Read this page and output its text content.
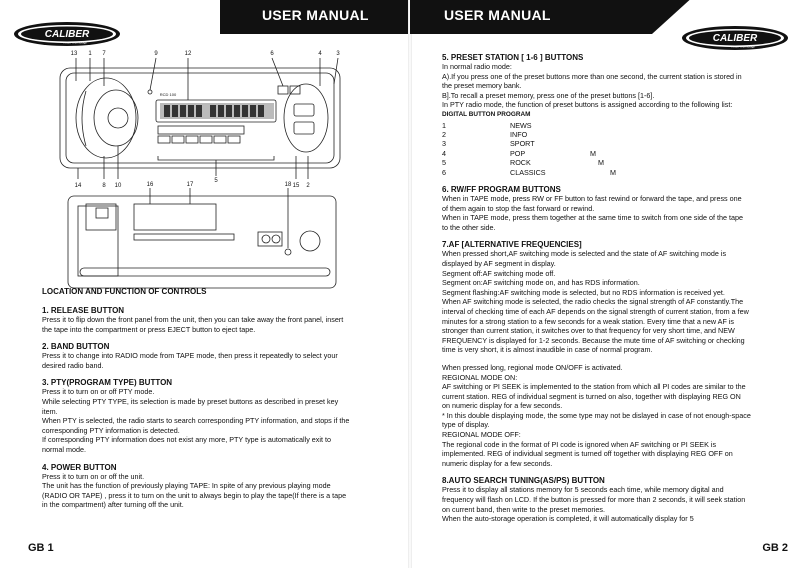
USER MANUAL
CALIBER
Audio Technology
13 1 7	9	12	6	4 3
14	8 10
5
15 2
16	17	18
RCD 100
LOCATION AND FUNCTION OF CONTROLS
1. RELEASE BUTTON
Press it to flip down the front panel from the unit, then you can take away the front panel, insert
the tape into the compartment or press EJECT button to eject tape.
2. BAND BUTTON
Press it to change into RADIO mode from TAPE mode, then press it repeatedly to select your
desired radio band.
3. PTY(PROGRAM TYPE) BUTTON
Press it to turn on or off PTY mode.
While selecting PTY TYPE, its selection is made by preset buttons as described in preset key
item.
When PTY is selected, the radio starts to search corresponding PTY information, and stops if the
corresponding PTY information is detected.
If corresponding PTY information does not exist any more, PTY type is automatically exit to
normal mode.
4. POWER BUTTON
Press it to turn on or off the unit.
The unit has the function of previously playing TAPE: In spite of any previous playing mode
(RADIO OR TAPE) , press it to turn on the unit to always begin to play the tape(If there is a tape
in the compartment) after turning off the unit.
GB 1
USER MANUAL
CALIBER
Audio Technology
5. PRESET STATION [ 1-6 ] BUTTONS
In normal radio mode:
A).If you press one of the preset buttons more than one second, the current station is stored in
the preset memory bank.
B].To recall a preset memory, press one of the preset buttons [1-6].
In PTY radio mode, the function of preset buttons is assigned according to the following list:
DIGITAL BUTTON PROGRAM
1	NEWS
2	INFO
3	SPORT
4	POP	M
5	ROCK	M
6	CLASSICS	M
6. RW/FF PROGRAM BUTTONS
When in TAPE mode, press RW or FF button to fast rewind or forward the tape, and press one
of them again to stop the fast forward or rewind.
When in TAPE mode, press them together at the same time to switch from one side of the tape
to the other side.
7.AF [ALTERNATIVE FREQUENCIES]
When pressed short,AF switching mode is selected and the state of AF switching mode is
displayed by AF segment in display.
Segment off:AF switching mode off.
Segment on:AF switching mode on, and has RDS information.
Segment flashing:AF switching mode is selected, but no RDS information is received yet.
When AF switching mode is selected, the radio checks the signal strength of AF constantly.The
interval of checking time of each AF depends on the signal strength of current station, from a few
minutes for a strong station to a few seconds for a weak station. Every time that a new AF is
stronger than current station, it switches over to that frequency for very short time, and NEW
FREQUENCY is displayed for 1-2 seconds. Because the mute time of AF switching or checking
time is very short, it is almost inaudible in case of normal program.
When pressed long, regional mode ON/OFF is activated.
REGIONAL MODE ON:
AF switching or PI SEEK is implemented to the station from which all PI codes are similar to the
current station. REG of individual segment is turned on also, together with displaying REG ON
on numeric display for a few seconds.
* In this double displaying mode, the some type may not be dislayed in case of not enough-space
type of display.
REGIONAL MODE OFF:
The regional code in the format of PI code is ignored when AF switching or PI SEEK is
implemented. REG of individual segment is turned off together with displaying REG OFF on
numeric display for a few seconds.
8.AUTO SEARCH TUNING(AS/PS) BUTTON
Press it to display all stations memory for 5 seconds each time, while memory digital and
frequency will flash on LCD. If the button is pressed for more than 2 seconds, it will seek station
on current band, then write to the preset memories.
When the auto-storage operation is completed, it will automatically display for 5
GB 2
